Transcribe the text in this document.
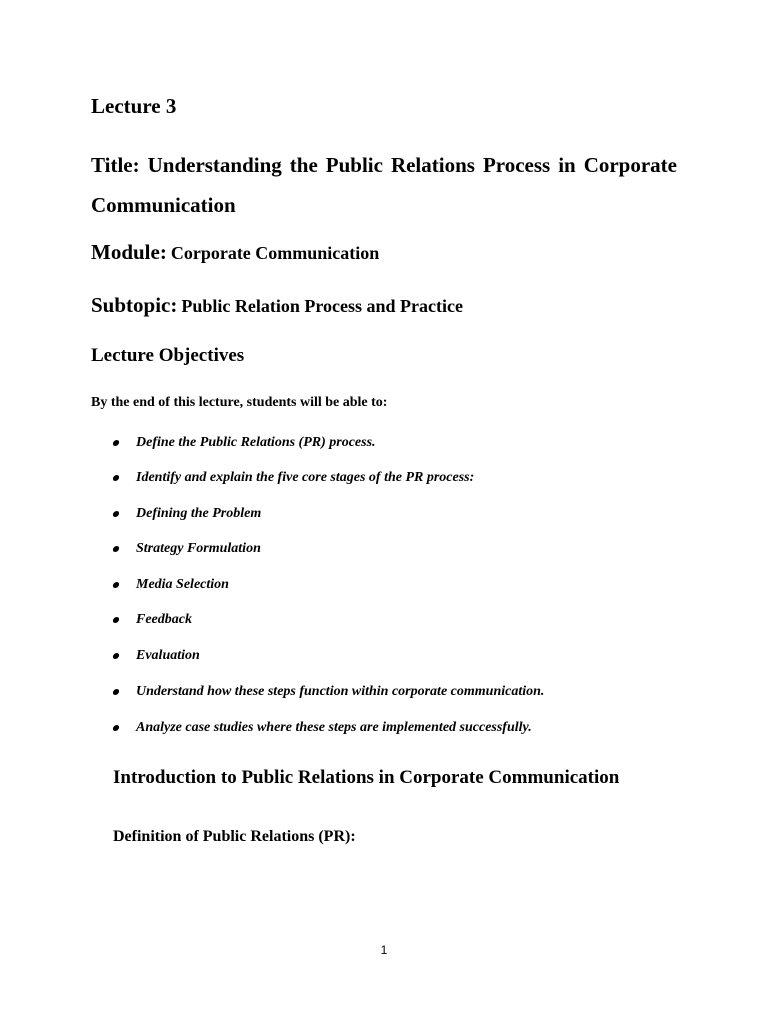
Lecture 3

Title: Understanding the Public Relations Process in Corporate Communication

Module: Corporate Communication
Subtopic: Public Relation Process and Practice
Lecture Objectives
By the end of this lecture, students will be able to:
Define the Public Relations (PR) process.
Identify and explain the five core stages of the PR process:
Defining the Problem
Strategy Formulation
Media Selection
Feedback
Evaluation
Understand how these steps function within corporate communication.
Analyze case studies where these steps are implemented successfully.
Introduction to Public Relations in Corporate Communication
Definition of Public Relations (PR):
1
